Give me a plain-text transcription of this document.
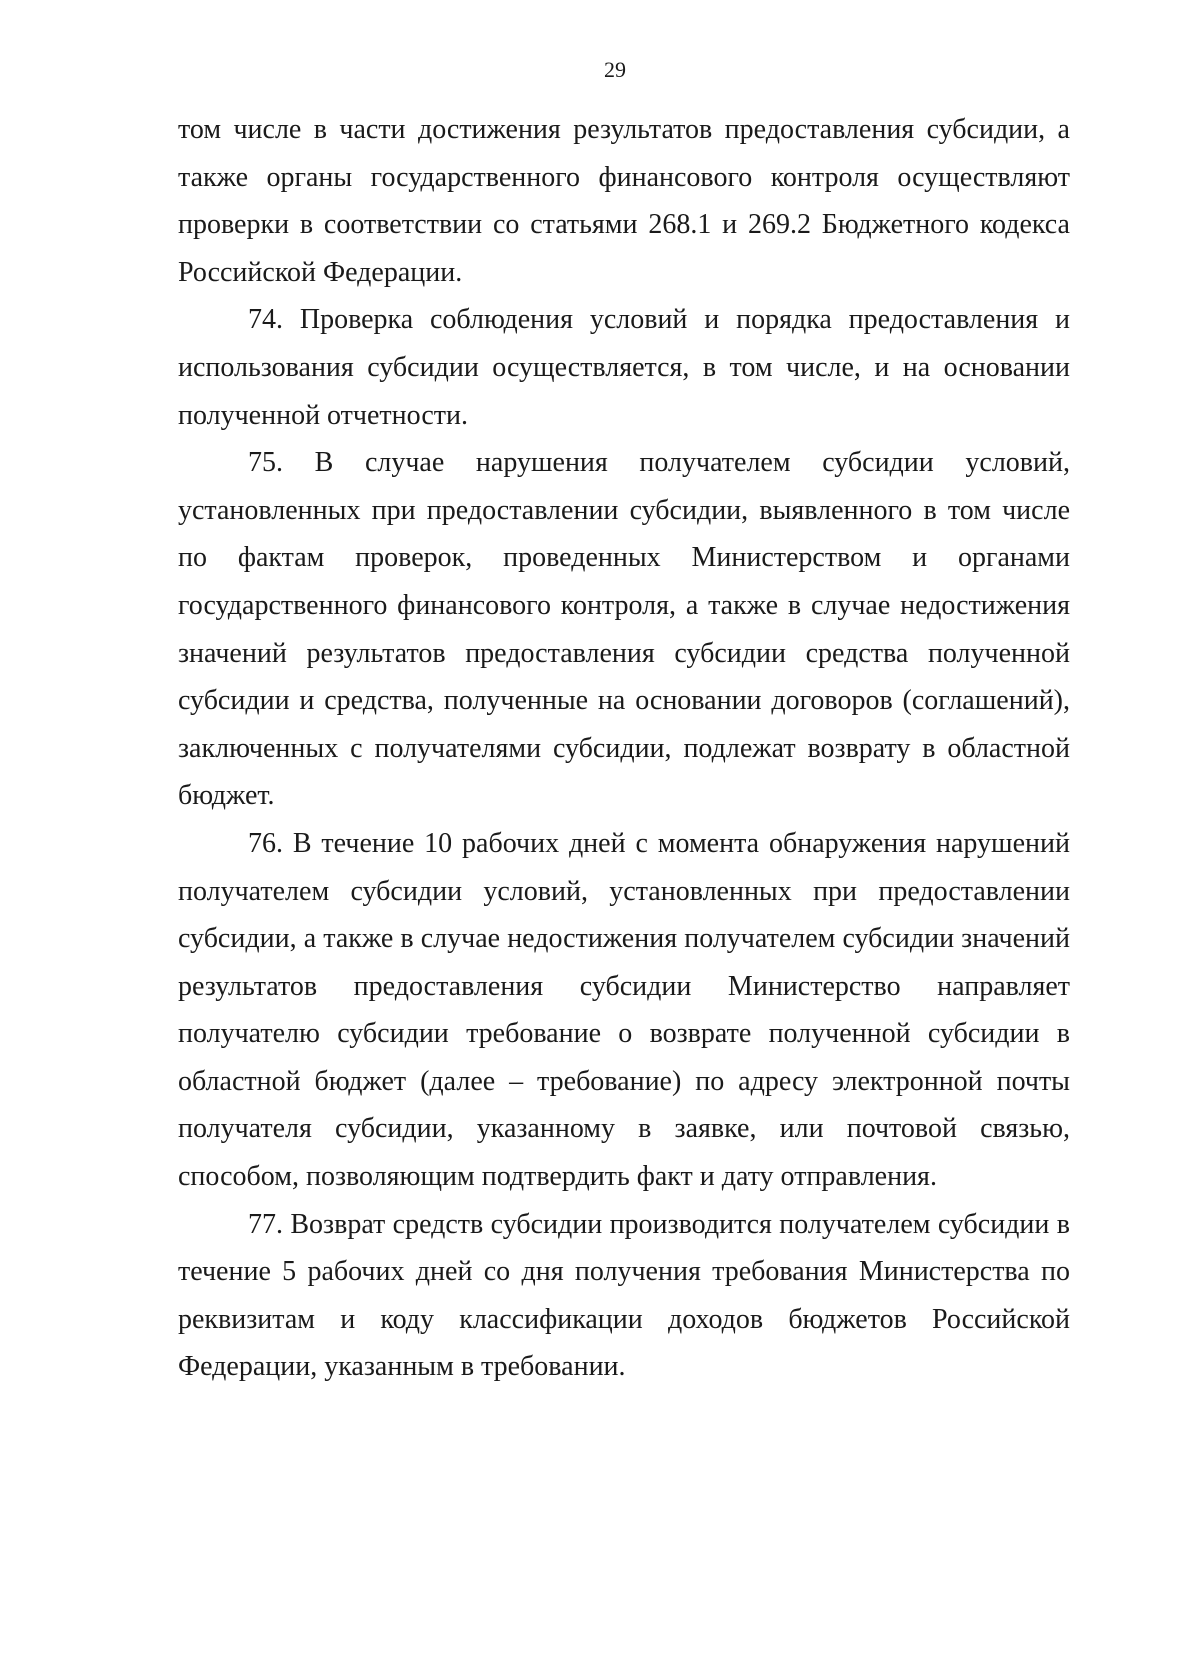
29

том числе в части достижения результатов предоставления субсидии, а также органы государственного финансового контроля осуществляют проверки в соответствии со статьями 268.1 и 269.2 Бюджетного кодекса Российской Федерации.

74. Проверка соблюдения условий и порядка предоставления и использования субсидии осуществляется, в том числе, и на основании полученной отчетности.

75. В случае нарушения получателем субсидии условий, установленных при предоставлении субсидии, выявленного в том числе по фактам проверок, проведенных Министерством и органами государственного финансового контроля, а также в случае недостижения значений результатов предоставления субсидии средства полученной субсидии и средства, полученные на основании договоров (соглашений), заключенных с получателями субсидии, подлежат возврату в областной бюджет.

76. В течение 10 рабочих дней с момента обнаружения нарушений получателем субсидии условий, установленных при предоставлении субсидии, а также в случае недостижения получателем субсидии значений результатов предоставления субсидии Министерство направляет получателю субсидии требование о возврате полученной субсидии в областной бюджет (далее – требование) по адресу электронной почты получателя субсидии, указанному в заявке, или почтовой связью, способом, позволяющим подтвердить факт и дату отправления.

77. Возврат средств субсидии производится получателем субсидии в течение 5 рабочих дней со дня получения требования Министерства по реквизитам и коду классификации доходов бюджетов Российской Федерации, указанным в требовании.
